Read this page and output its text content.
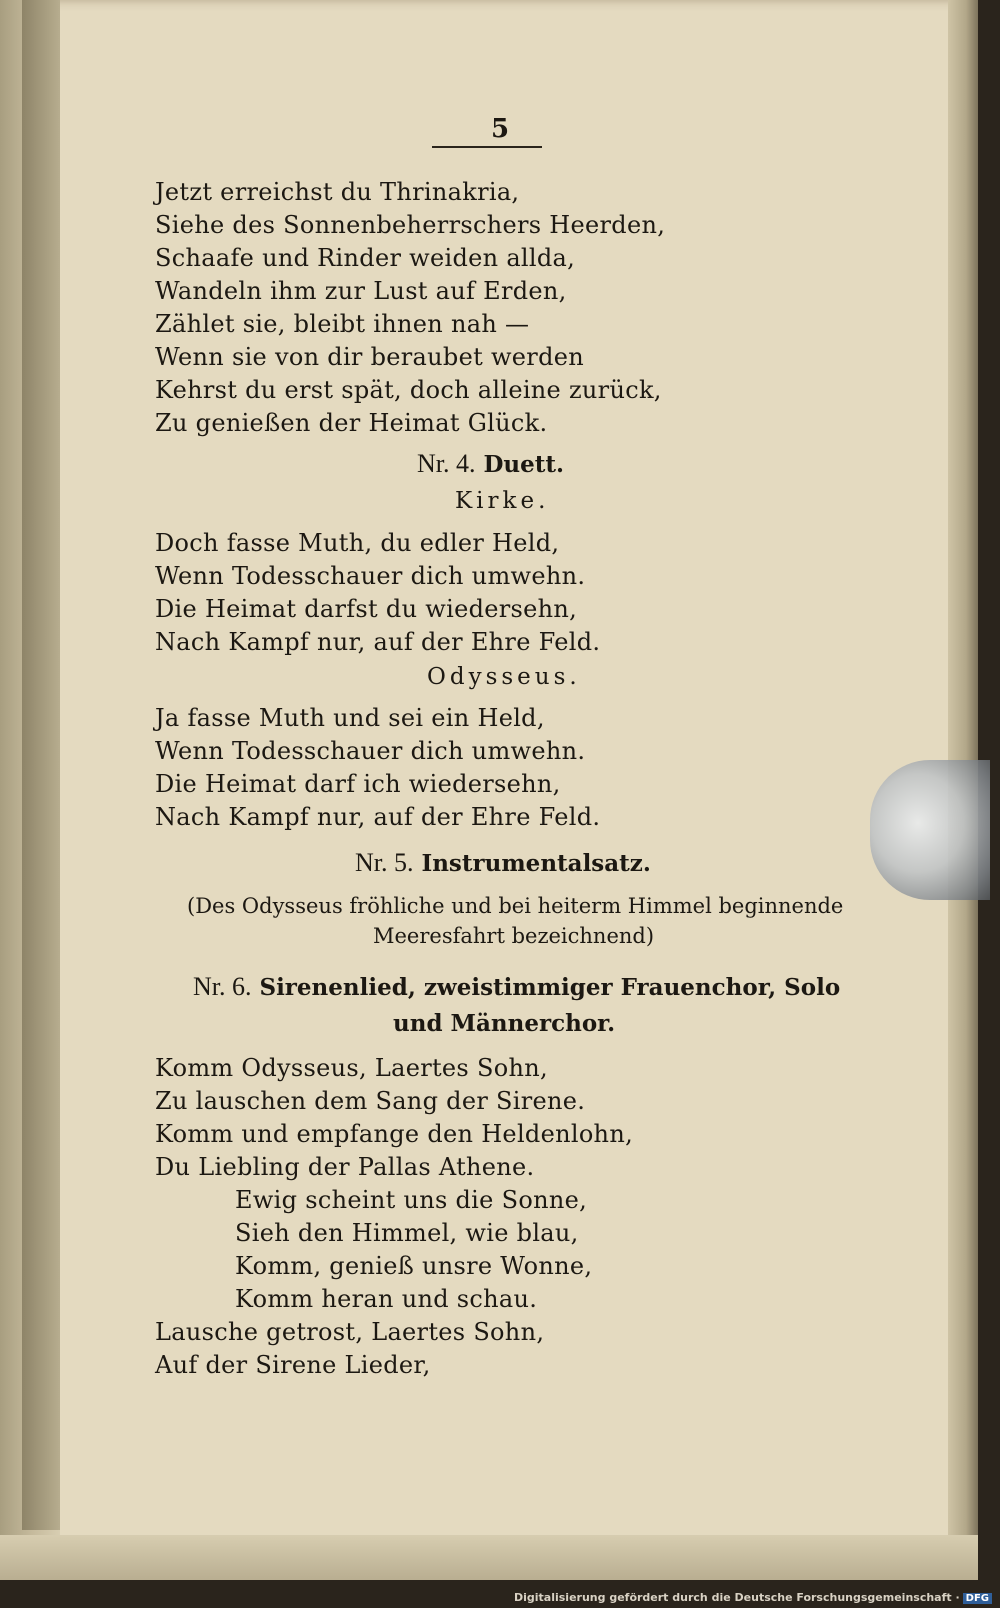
5
Jetzt erreichst du Thrinakria,
Siehe des Sonnenbeherrschers Heerden,
Schaafe und Rinder weiden allda,
Wandeln ihm zur Lust auf Erden,
Zählet sie, bleibt ihnen nah —
Wenn sie von dir beraubet werden
Kehrst du erst spät, doch alleine zurück,
Zu genießen der Heimat Glück.
Nr. 4. Duett.
Kirke.
Doch fasse Muth, du edler Held,
Wenn Todesschauer dich umwehn.
Die Heimat darfst du wiedersehn,
Nach Kampf nur, auf der Ehre Feld.
Odysseus.
Ja fasse Muth und sei ein Held,
Wenn Todesschauer dich umwehn.
Die Heimat darf ich wiedersehn,
Nach Kampf nur, auf der Ehre Feld.
Nr. 5. Instrumentalsatz.
(Des Odysseus fröhliche und bei heiterm Himmel beginnende
Meeresfahrt bezeichnend)
Nr. 6. Sirenenlied, zweistimmiger Frauenchor, Solo
und Männerchor.
Komm Odysseus, Laertes Sohn,
Zu lauschen dem Sang der Sirene.
Komm und empfange den Heldenlohn,
Du Liebling der Pallas Athene.
Ewig scheint uns die Sonne,
Sieh den Himmel, wie blau,
Komm, genieß unsre Wonne,
Komm heran und schau.
Lausche getrost, Laertes Sohn,
Auf der Sirene Lieder,
Digitalisierung gefördert durch die Deutsche Forschungsgemeinschaft · DFG
